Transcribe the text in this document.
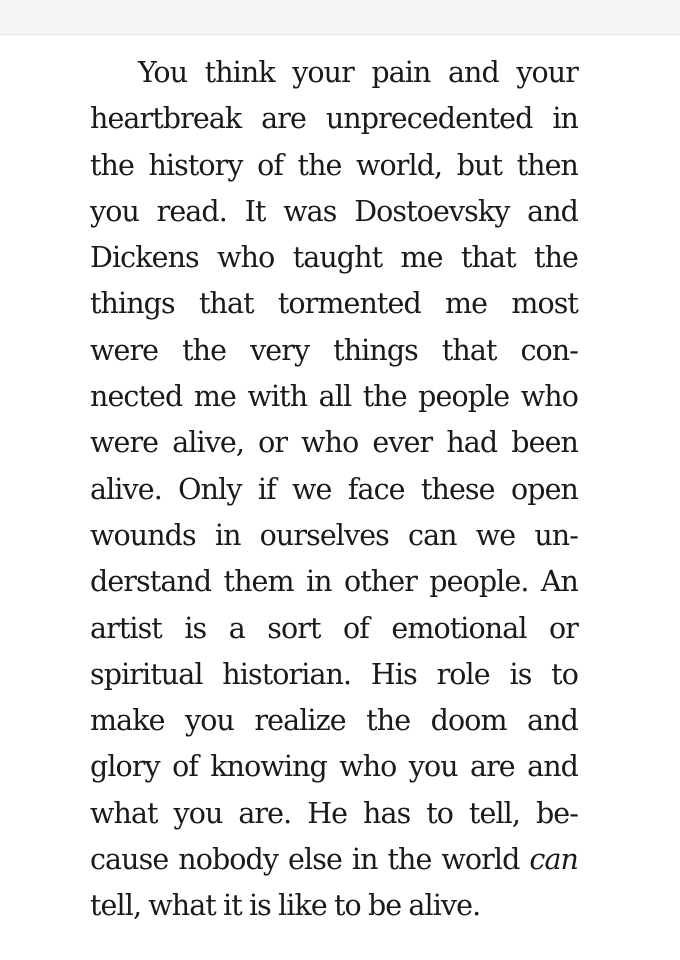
You think your pain and your
heartbreak are unprecedented in
the history of the world, but then
you read. It was Dostoevsky and
Dickens who taught me that the
things that tormented me most
were the very things that con-
nected me with all the people who
were alive, or who ever had been
alive. Only if we face these open
wounds in ourselves can we un-
derstand them in other people. An
artist is a sort of emotional or
spiritual historian. His role is to
make you realize the doom and
glory of knowing who you are and
what you are. He has to tell, be-
cause nobody else in the world can
tell, what it is like to be alive.
